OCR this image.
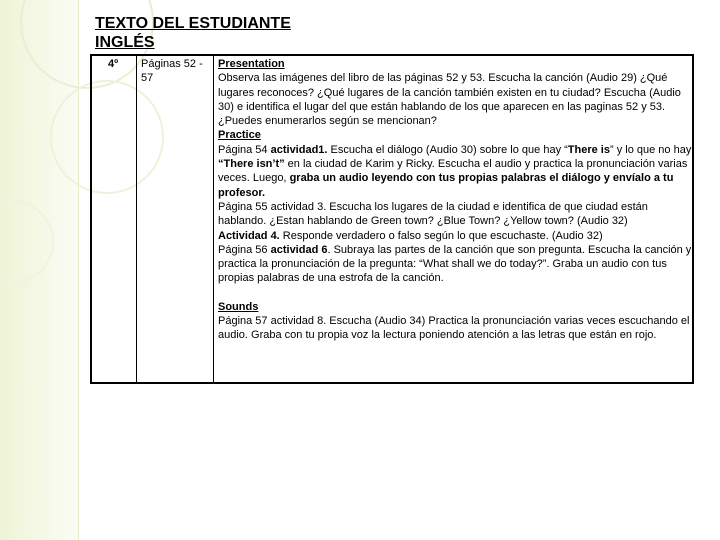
TEXTO DEL ESTUDIANTE
INGLÉS
4º Páginas 52 - 57

Presentation

Observa las imágenes del libro de las páginas 52 y 53. Escucha la canción (Audio 29) ¿Qué lugares reconoces? ¿Qué lugares de la canción también existen en tu ciudad? Escucha (Audio 30) e identifica el lugar del que están hablando de los que aparecen en las paginas 52 y 53. ¿Puedes enumerarlos según se mencionan?

Practice

Página 54 actividad1. Escucha el diálogo (Audio 30) sobre lo que hay “There is” y lo que no hay “There isn’t” en la ciudad de Karim y Ricky. Escucha el audio y practica la pronunciación varias veces. Luego, graba un audio leyendo con tus propias palabras el diálogo y envíalo a tu profesor.

Página 55 actividad 3. Escucha los lugares de la ciudad e identifica de que ciudad están hablando. ¿Estan hablando de Green town? ¿Blue Town? ¿Yellow town? (Audio 32)

Actividad 4. Responde verdadero o falso según lo que escuchaste. (Audio 32)

Página 56 actividad 6. Subraya las partes de la canción que son pregunta. Escucha la canción y practica la pronunciación de la pregunta: “What shall we do today?”. Graba un audio con tus propias palabras de una estrofa de la canción.

Sounds

Página 57 actividad 8. Escucha (Audio 34) Practica la pronunciación varias veces escuchando el audio. Graba con tu propia voz la lectura poniendo atención a las letras que están en rojo.
